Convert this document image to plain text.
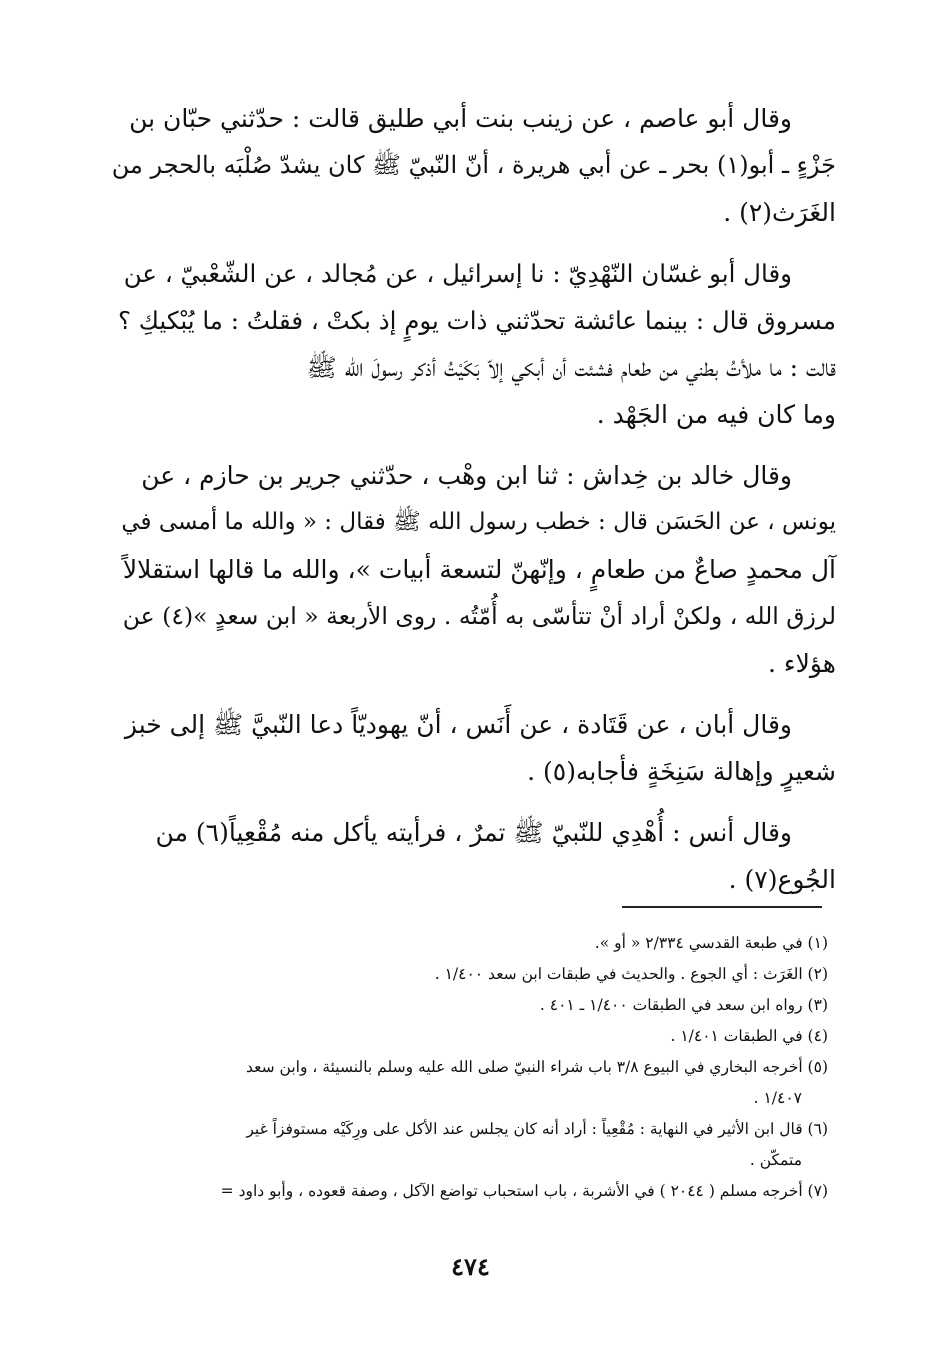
وقال أبو عاصم ، عن زينب بنت أبي طليق قالت : حدّثني حبّان بن
جَزْءٍ ـ أبو(١) بحر ـ عن أبي هريرة ، أنّ النّبيّ ﷺ كان يشدّ صُلْبَه بالحجر من
الغَرَث(٢) .
وقال أبو غسّان النّهْدِيّ : نا إسرائيل ، عن مُجالد ، عن الشّعْبيّ ، عن
مسروق قال : بينما عائشة تحدّثني ذات يومٍ إذ بكتْ ، فقلتُ : ما يُبْكيكِ ؟
قالت : ما ملأتُ بطني من طعام فشئت أن أبكي إلاّ بَكَيْتُ أذكر رسولَ الله ﷺ
وما كان فيه من الجَهْد .
وقال خالد بن خِداش : ثنا ابن وهْب ، حدّثني جرير بن حازم ، عن
يونس ، عن الحَسَن قال : خطب رسول الله ﷺ فقال : « والله ما أمسى في
آل محمدٍ صاعٌ من طعامٍ ، وإنّهنّ لتسعة أبيات »، والله ما قالها استقلالاً
لرزق الله ، ولكنْ أراد أنْ تتأسّى به أُمّتُه . روى الأربعة « ابن سعدٍ »(٤) عن
هؤلاء .
وقال أبان ، عن قَتَادة ، عن أَنَس ، أنّ يهوديّاً دعا النّبيَّ ﷺ إلى خبز
شعيرٍ وإهالة سَنِخَةٍ فأجابه(٥) .
وقال أنس : أُهْدِي للنّبيّ ﷺ تمرٌ ، فرأيته يأكل منه مُقْعِياً(٦) من
الجُوع(٧) .
(١) في طبعة القدسي ٢/٣٣٤ « أو ».
(٢) الغَرَث : أي الجوع . والحديث في طبقات ابن سعد ١/٤٠٠ .
(٣) رواه ابن سعد في الطبقات ١/٤٠٠ ـ ٤٠١ .
(٤) في الطبقات ١/٤٠١ .
(٥) أخرجه البخاري في البيوع ٣/٨ باب شراء النبيّ صلى الله عليه وسلم بالنسيئة ، وابن سعد
١/٤٠٧ .
(٦) قال ابن الأثير في النهاية : مُقْعِياً : أراد أنه كان يجلس عند الأكل على ورِكَيْه مستوفزاً غير
متمكّن .
(٧) أخرجه مسلم ( ٢٠٤٤ ) في الأشربة ، باب استحباب تواضع الآكل ، وصفة قعوده ، وأبو داود =
٤٧٤
